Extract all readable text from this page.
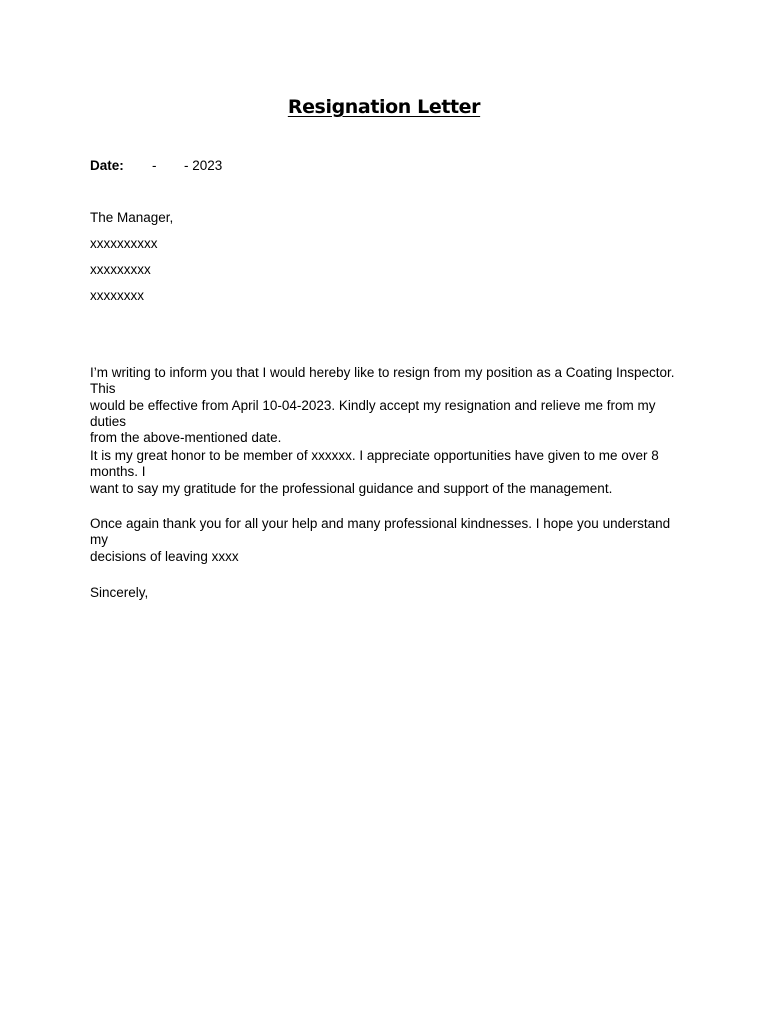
Resignation Letter
Date: - - 2023
The Manager,
xxxxxxxxxx
xxxxxxxxx
xxxxxxxx
I’m writing to inform you that I would hereby like to resign from my position as a Coating Inspector. This
would be effective from April 10-04-2023. Kindly accept my resignation and relieve me from my duties
from the above-mentioned date.
It is my great honor to be member of xxxxxx. I appreciate opportunities have given to me over 8 months. I
want to say my gratitude for the professional guidance and support of the management.
Once again thank you for all your help and many professional kindnesses. I hope you understand my
decisions of leaving xxxx
Sincerely,
